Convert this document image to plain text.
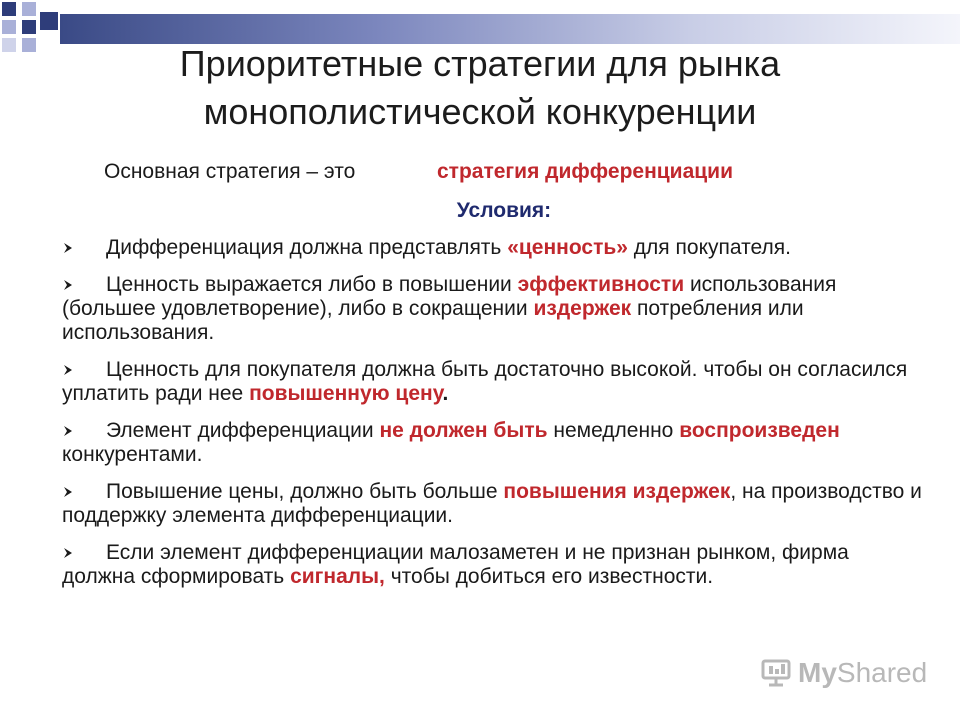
Приоритетные стратегии для рынка
монополистической конкуренции
Основная стратегия – это	стратегия дифференциации
Условия:
Дифференциация должна представлять «ценность» для покупателя.
Ценность выражается либо в повышении эффективности использования (большее удовлетворение), либо в сокращении издержек потребления или использования.
Ценность для покупателя должна быть достаточно высокой. чтобы он согласился уплатить ради нее повышенную цену.
Элемент дифференциации не должен быть немедленно воспроизведен конкурентами.
Повышение цены, должно быть больше повышения издержек, на производство и поддержку элемента дифференциации.
Если элемент дифференциации малозаметен и не признан рынком, фирма должна сформировать сигналы, чтобы добиться его известности.
MyShared
